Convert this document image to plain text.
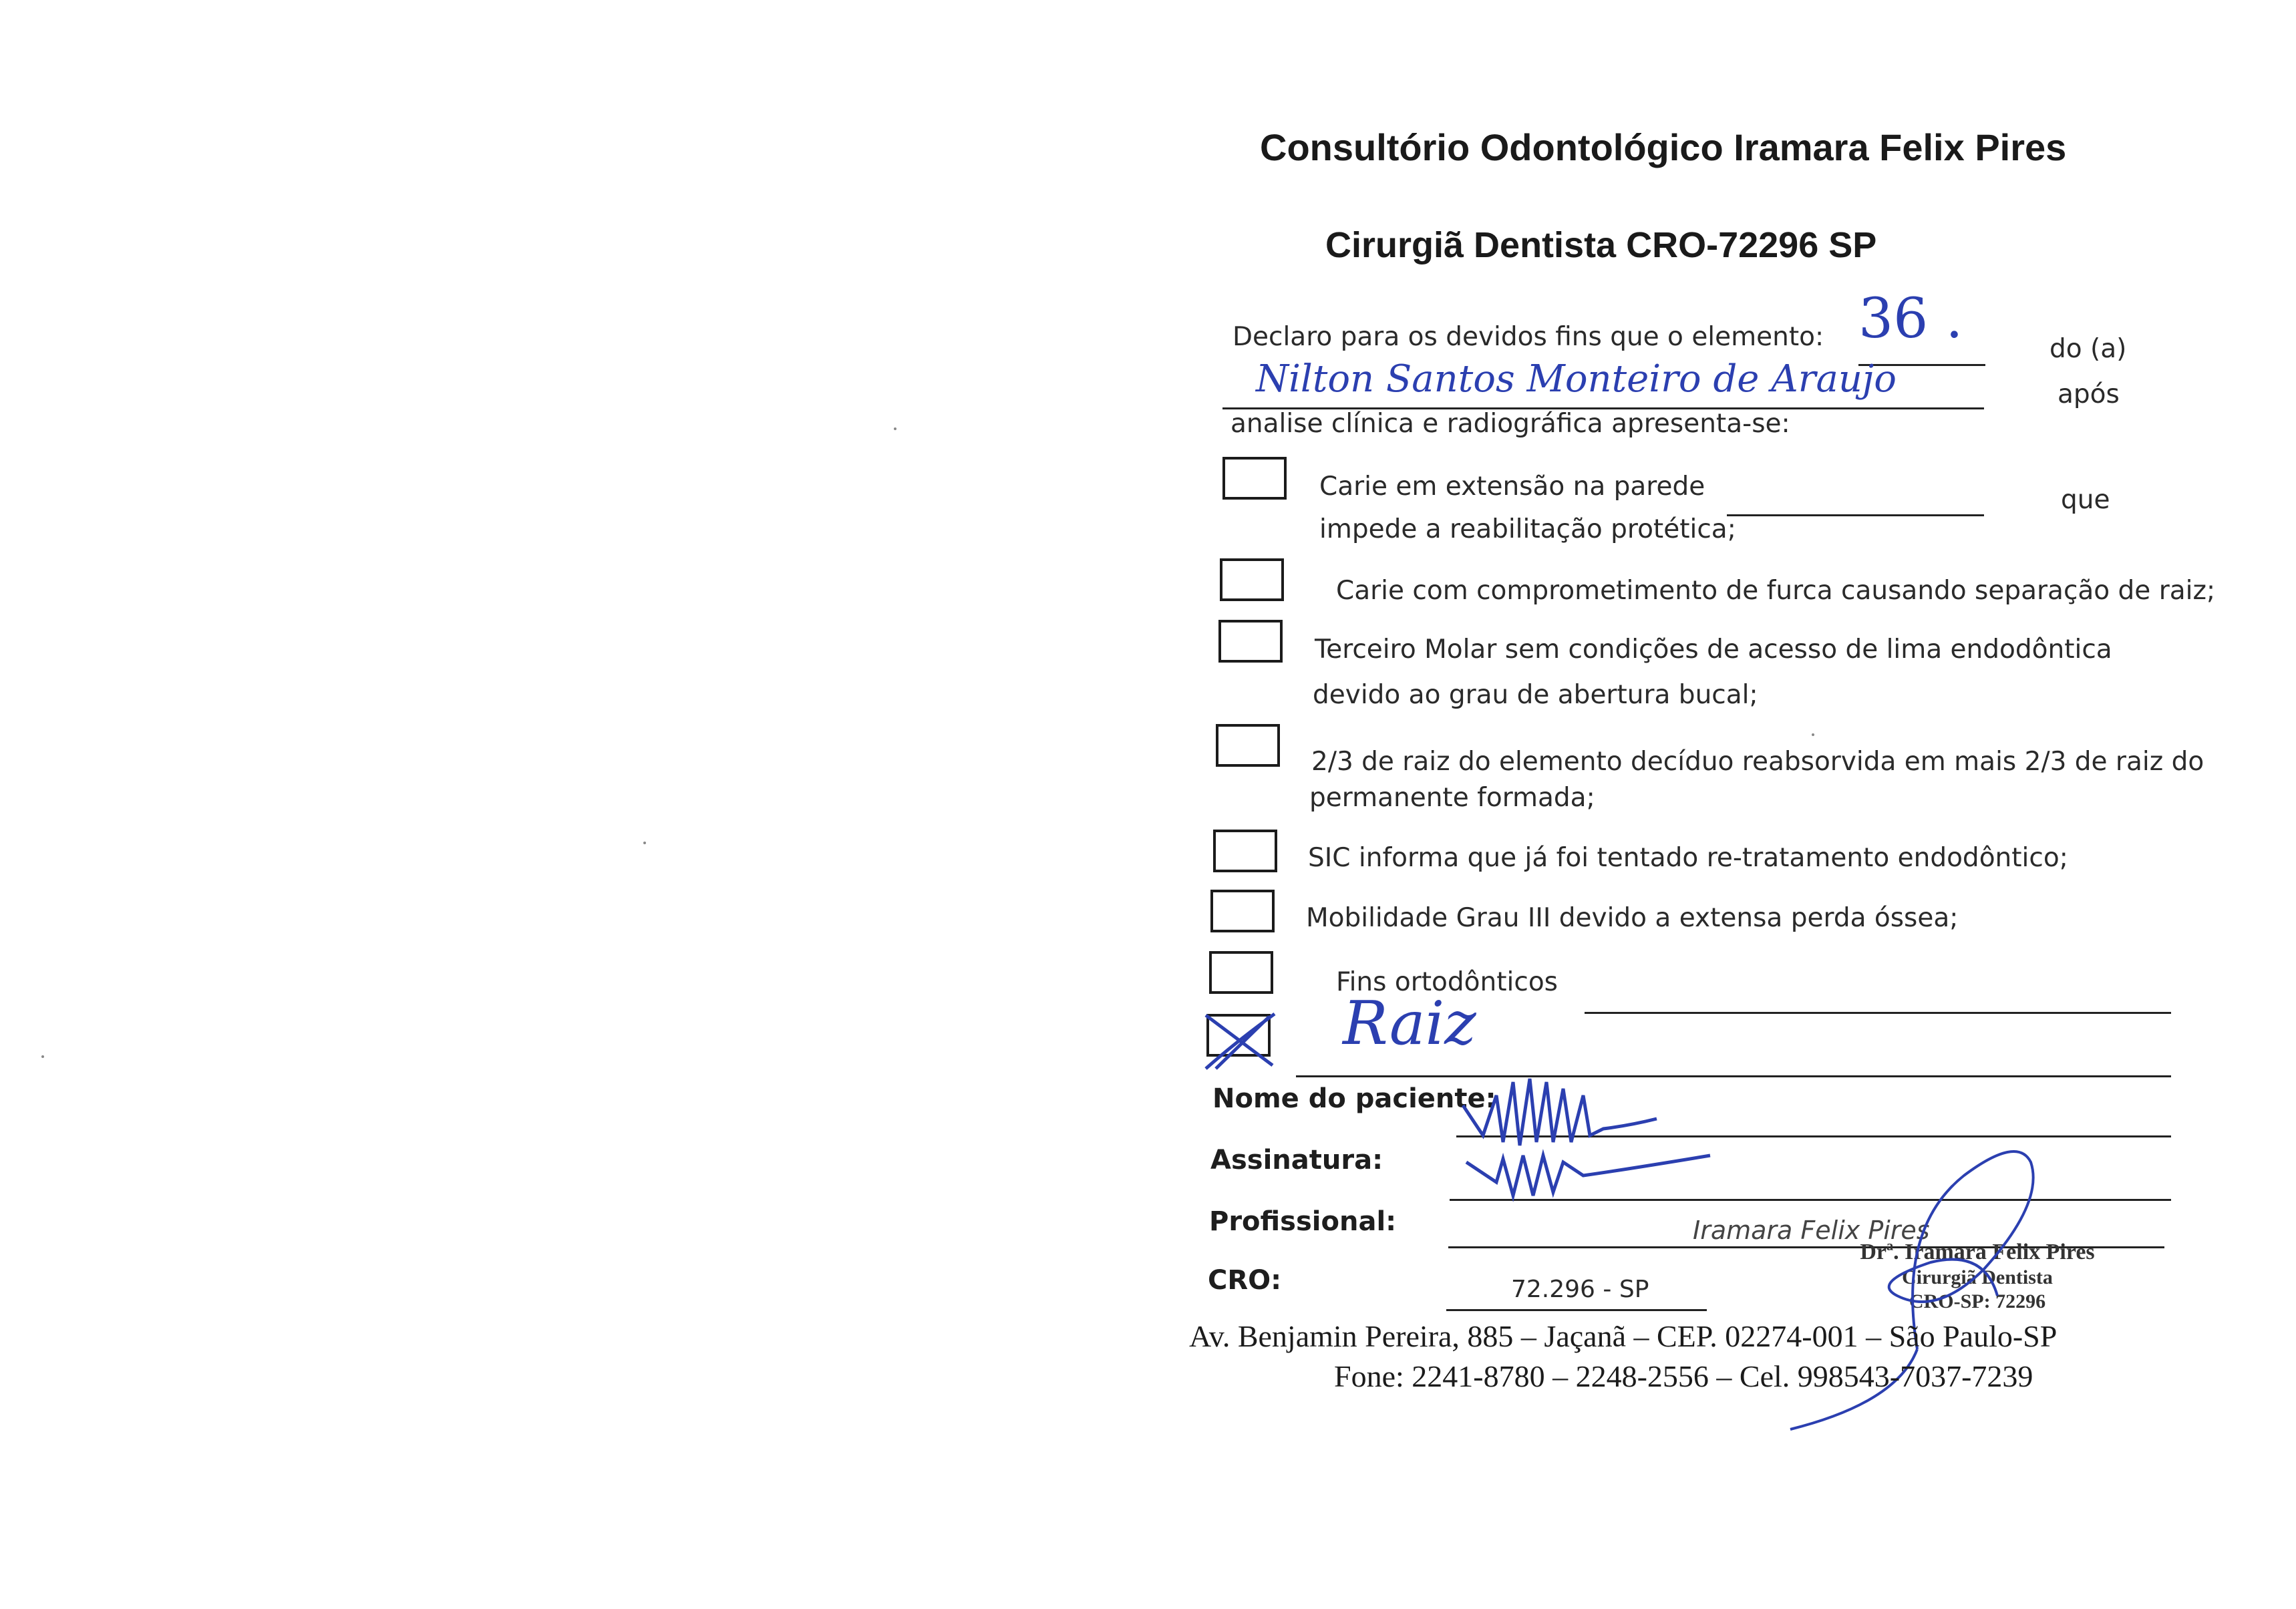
Consultório Odontológico Iramara Felix Pires
Cirurgiã Dentista CRO-72296 SP
Declaro para os devidos fins que o elemento: 36 .	do (a)
Nilton Santos Monteiro de Araujo	após
analise clínica e radiográfica apresenta-se:
Carie em extensão na parede	que
impede a reabilitação protética;
Carie com comprometimento de furca causando separação de raiz;
Terceiro Molar sem condições de acesso de lima endodôntica
devido ao grau de abertura bucal;
2/3 de raiz do elemento decíduo reabsorvida em mais 2/3 de raiz do
permanente formada;
SIC informa que já foi tentado re-tratamento endodôntico;
Mobilidade Grau III devido a extensa perda óssea;
Fins ortodônticos
Raiz
Nome do paciente:
Assinatura:
Profissional:	Iramara Felix Pires
CRO:	72.296 - SP
Drª. Iramara Felix Pires
Cirurgiã Dentista
CRO-SP: 72296
Av. Benjamin Pereira, 885 – Jaçanã – CEP. 02274-001 – São Paulo-SP
Fone: 2241-8780 – 2248-2556 – Cel. 998543-7037-7239
